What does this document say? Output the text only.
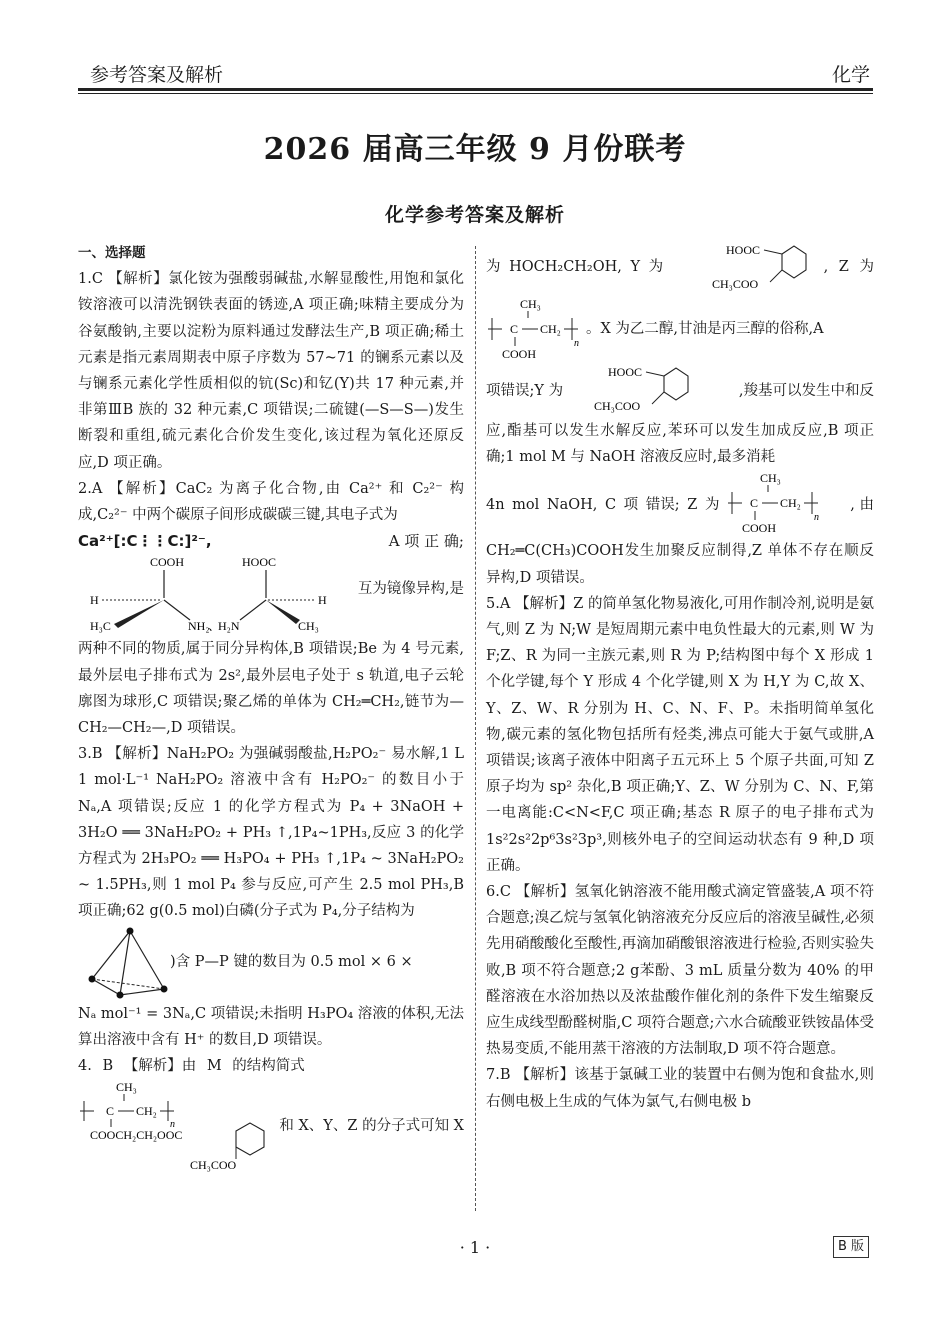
参考答案及解析	化学
2026 届高三年级 9 月份联考
化学参考答案及解析

一、选择题

1.C 【解析】氯化铵为强酸弱碱盐,水解显酸性,用饱和氯化铵溶液可以清洗钢铁表面的锈迹,A 项正确;味精主要成分为谷氨酸钠,主要以淀粉为原料通过发酵法生产,B 项正确;稀土元素是指元素周期表中原子序数为 57~71 的镧系元素以及与镧系元素化学性质相似的钪(Sc)和钇(Y)共 17 种元素,并非第ⅢB 族的 32 种元素,C 项错误;二硫键(—S—S—)发生断裂和重组,硫元素化合价发生变化,该过程为氧化还原反应,D 项正确。

2.A 【解析】CaC₂ 为离子化合物,由 Ca²⁺ 和 C₂²⁻ 构成,C₂²⁻ 中两个碳原子间形成碳碳三键,其电子式为

Ca²⁺[:C⋮⋮C:]²⁻,	A 项 正 确;
COOH
H
H₃C	NH₂
、
HOOC
H₂N
H
CH₃
互为镜像异构,是

两种不同的物质,属于同分异构体,B 项错误;Be 为 4 号元素,最外层电子排布式为 2s²,最外层电子处于 s 轨道,电子云轮廓图为球形,C 项错误;聚乙烯的单体为 CH₂═CH₂,链节为—CH₂—CH₂—,D 项错误。

3.B 【解析】NaH₂PO₂ 为强碱弱酸盐,H₂PO₂⁻ 易水解,1 L 1 mol·L⁻¹ NaH₂PO₂ 溶液中含有 H₂PO₂⁻ 的数目小于 Nₐ,A 项错误;反应 1 的化学方程式为 P₄ + 3NaOH + 3H₂O ══ 3NaH₂PO₂ + PH₃ ↑,1P₄~1PH₃,反应 3 的化学方程式为 2H₃PO₂ ══ H₃PO₄ + PH₃ ↑,1P₄ ~ 3NaH₂PO₂ ~ 1.5PH₃,则 1 mol P₄ 参与反应,可产生 2.5 mol PH₃,B 项正确;62 g(0.5 mol)白磷(分子式为 P₄,分子结构为

)含 P—P 键的数目为 0.5 mol × 6 ×

Nₐ mol⁻¹ = 3Nₐ,C 项错误;未指明 H₃PO₄ 溶液的体积,无法算出溶液中含有 H⁺ 的数目,D 项错误。

4. B 【解析】由 M 的结构简式

CH₃
C CH₂
n
COOCH₂CH₂OOC
CH₃COO
和 X、Y、Z 的分子式可知 X
为 HOCH₂CH₂OH, Y 为
HOOC
CH₃COO
, Z 为
CH₃
C CH₂
n
COOH
。X 为乙二醇,甘油是丙三醇的俗称,A
项错误;Y 为
HOOC
CH₃COO
,羧基可以发生中和反

应,酯基可以发生水解反应,苯环可以发生加成反应,B 项正确;1 mol M 与 NaOH 溶液反应时,最多消耗

4n mol NaOH, C 项 错误; Z 为
CH₃
C CH₂
n
COOH
, 由

CH₂═C(CH₃)COOH发生加聚反应制得,Z 单体不存在顺反异构,D 项错误。

5.A 【解析】Z 的简单氢化物易液化,可用作制冷剂,说明是氨气,则 Z 为 N;W 是短周期元素中电负性最大的元素,则 W 为 F;Z、R 为同一主族元素,则 R 为 P;结构图中每个 X 形成 1 个化学键,每个 Y 形成 4 个化学键,则 X 为 H,Y 为 C,故 X、Y、Z、W、R 分别为 H、C、N、F、P。未指明简单氢化物,碳元素的氢化物包括所有烃类,沸点可能大于氨气或肼,A 项错误;该离子液体中阳离子五元环上 5 个原子共面,可知 Z 原子均为 sp² 杂化,B 项正确;Y、Z、W 分别为 C、N、F,第一电离能:C<N<F,C 项正确;基态 R 原子的电子排布式为 1s²2s²2p⁶3s²3p³,则核外电子的空间运动状态有 9 种,D 项正确。

6.C 【解析】氢氧化钠溶液不能用酸式滴定管盛装,A 项不符合题意;溴乙烷与氢氧化钠溶液充分反应后的溶液呈碱性,必须先用硝酸酸化至酸性,再滴加硝酸银溶液进行检验,否则实验失败,B 项不符合题意;2 g苯酚、3 mL 质量分数为 40% 的甲醛溶液在水浴加热以及浓盐酸作催化剂的条件下发生缩聚反应生成线型酚醛树脂,C 项符合题意;六水合硫酸亚铁铵晶体受热易变质,不能用蒸干溶液的方法制取,D 项不符合题意。

7.B 【解析】该基于氯碱工业的装置中右侧为饱和食盐水,则右侧电极上生成的气体为氯气,右侧电极 b

· 1 ·	B 版
